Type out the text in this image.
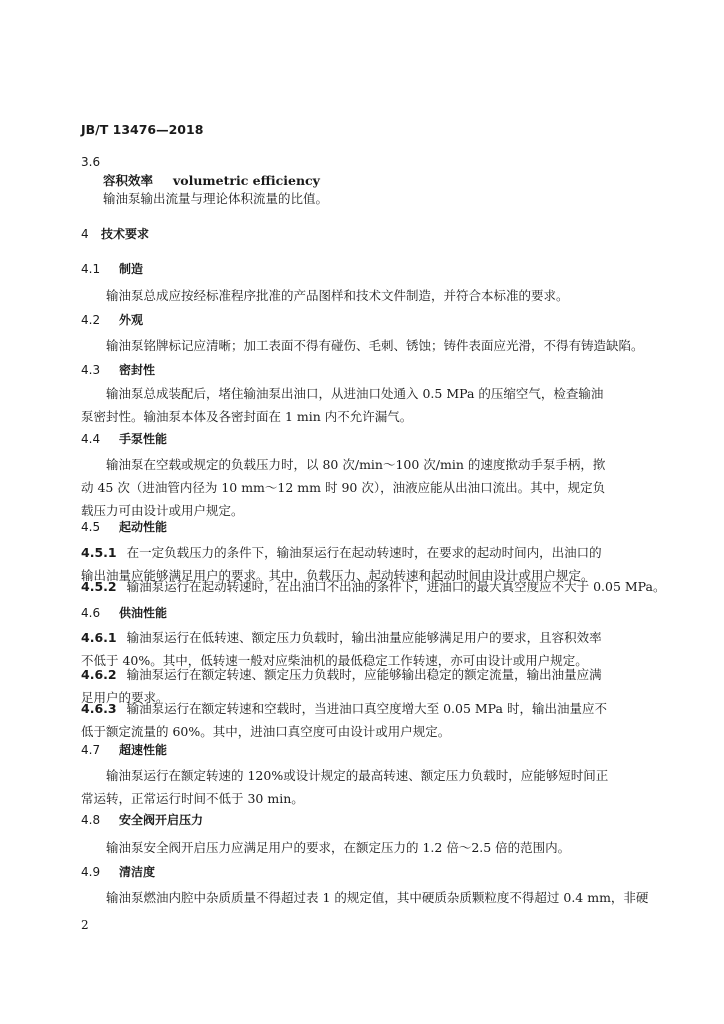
JB/T 13476—2018
3.6
容积效率 volumetric efficiency
输油泵输出流量与理论体积流量的比值。
4 技术要求
4.1 制造
输油泵总成应按经标准程序批准的产品图样和技术文件制造，并符合本标准的要求。
4.2 外观
输油泵铭牌标记应清晰；加工表面不得有碰伤、毛刺、锈蚀；铸件表面应光滑，不得有铸造缺陷。
4.3 密封性
输油泵总成装配后，堵住输油泵出油口，从进油口处通入 0.5 MPa 的压缩空气，检查输油泵密封性。输油泵本体及各密封面在 1 min 内不允许漏气。
4.4 手泵性能
输油泵在空载或规定的负载压力时，以 80 次/min～100 次/min 的速度揿动手泵手柄，揿动 45 次（进油管内径为 10 mm～12 mm 时 90 次），油液应能从出油口流出。其中，规定负载压力可由设计或用户规定。
4.5 起动性能
4.5.1 在一定负载压力的条件下，输油泵运行在起动转速时，在要求的起动时间内，出油口的输出油量应能够满足用户的要求。其中，负载压力、起动转速和起动时间由设计或用户规定。
4.5.2 输油泵运行在起动转速时，在出油口不出油的条件下，进油口的最大真空度应不大于 0.05 MPa。
4.6 供油性能
4.6.1 输油泵运行在低转速、额定压力负载时，输出油量应能够满足用户的要求，且容积效率不低于 40%。其中，低转速一般对应柴油机的最低稳定工作转速，亦可由设计或用户规定。
4.6.2 输油泵运行在额定转速、额定压力负载时，应能够输出稳定的额定流量，输出油量应满足用户的要求。
4.6.3 输油泵运行在额定转速和空载时，当进油口真空度增大至 0.05 MPa 时，输出油量应不低于额定流量的 60%。其中，进油口真空度可由设计或用户规定。
4.7 超速性能
输油泵运行在额定转速的 120%或设计规定的最高转速、额定压力负载时，应能够短时间正常运转，正常运行时间不低于 30 min。
4.8 安全阀开启压力
输油泵安全阀开启压力应满足用户的要求，在额定压力的 1.2 倍～2.5 倍的范围内。
4.9 清洁度
输油泵燃油内腔中杂质质量不得超过表 1 的规定值，其中硬质杂质颗粒度不得超过 0.4 mm，非硬
2
